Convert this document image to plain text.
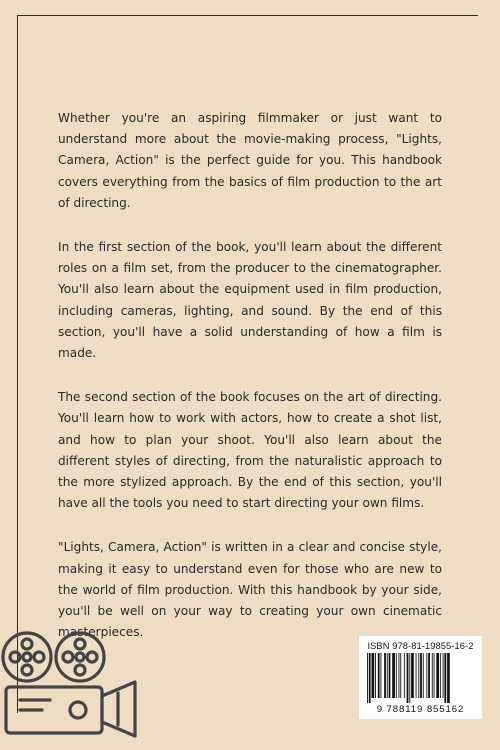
Whether you're an aspiring filmmaker or just want to understand more about the movie-making process, "Lights, Camera, Action" is the perfect guide for you. This handbook covers everything from the basics of film production to the art of directing.

In the first section of the book, you'll learn about the different roles on a film set, from the producer to the cinematographer. You'll also learn about the equipment used in film production, including cameras, lighting, and sound. By the end of this section, you'll have a solid understanding of how a film is made.

The second section of the book focuses on the art of directing. You'll learn how to work with actors, how to create a shot list, and how to plan your shoot. You'll also learn about the different styles of directing, from the naturalistic approach to the more stylized approach. By the end of this section, you'll have all the tools you need to start directing your own films.

"Lights, Camera, Action" is written in a clear and concise style, making it easy to understand even for those who are new to the world of film production. With this handbook by your side, you'll be well on your way to creating your own cinematic masterpieces.

ISBN 978-81-19855-16-2
9 788119 855162
